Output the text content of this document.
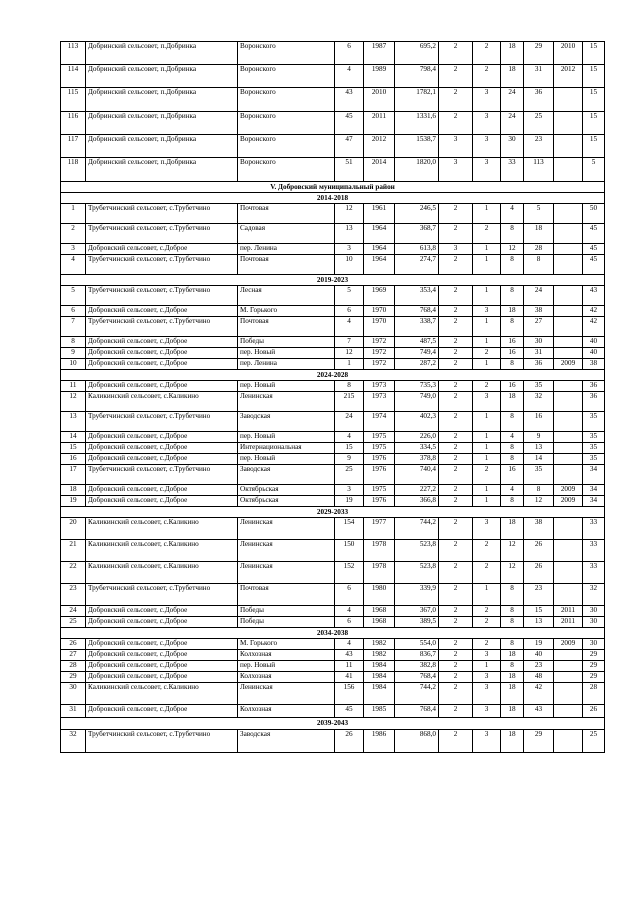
113	Добринский сельсовет, п.Добринка	Воронского	6	1987	695,2	2	2	18	29	2010	15
114	Добринский сельсовет, п.Добринка	Воронского	4	1989	798,4	2	2	18	31	2012	15
115	Добринский сельсовет, п.Добринка	Воронского	43	2010	1782,1	2	3	24	36		15
116	Добринский сельсовет, п.Добринка	Воронского	45	2011	1331,6	2	3	24	25		15
117	Добринский сельсовет, п.Добринка	Воронского	47	2012	1538,7	3	3	30	23		15
118	Добринский сельсовет, п.Добринка	Воронского	51	2014	1820,0	3	3	33	113		5
V. Добровский муниципальный район											
2014-2018											
1	Трубетчинский сельсовет, с.Трубетчино	Почтовая	12	1961	246,5	2	1	4	5		50
2	Трубетчинский сельсовет, с.Трубетчино	Садовая	13	1964	368,7	2	2	8	18		45
3	Добровский сельсовет, с.Доброе	пер. Ленина	3	1964	613,8	3	1	12	28		45
4	Трубетчинский сельсовет, с.Трубетчино	Почтовая	10	1964	274,7	2	1	8	8		45
2019-2023											
5	Трубетчинский сельсовет, с.Трубетчино	Лесная	5	1969	353,4	2	1	8	24		43
6	Добровский сельсовет, с.Доброе	М. Горького	6	1970	768,4	2	3	18	38		42
7	Трубетчинский сельсовет, с.Трубетчино	Почтовая	4	1970	338,7	2	1	8	27		42
8	Добровский сельсовет, с.Доброе	Победы	7	1972	487,5	2	1	16	30		40
9	Добровский сельсовет, с.Доброе	пер. Новый	12	1972	749,4	2	2	16	31		40
10	Добровский сельсовет, с.Доброе	пер. Ленина	1	1972	287,2	2	1	8	36	2009	38
2024-2028											
11	Добровский сельсовет, с.Доброе	пер. Новый	8	1973	735,3	2	2	16	35		36
12	Каликинский сельсовет, с.Каликино	Ленинская	215	1973	749,0	2	3	18	32		36
13	Трубетчинский сельсовет, с.Трубетчино	Заводская	24	1974	402,3	2	1	8	16		35
14	Добровский сельсовет, с.Доброе	пер. Новый	4	1975	226,0	2	1	4	9		35
15	Добровский сельсовет, с.Доброе	Интернациональная	15	1975	334,5	2	1	8	13		35
16	Добровский сельсовет, с.Доброе	пер. Новый	9	1976	378,8	2	1	8	14		35
17	Трубетчинский сельсовет, с.Трубетчино	Заводская	25	1976	740,4	2	2	16	35		34
18	Добровский сельсовет, с.Доброе	Октябрьская	3	1975	227,2	2	1	4	8	2009	34
19	Добровский сельсовет, с.Доброе	Октябрьская	19	1976	366,8	2	1	8	12	2009	34
2029-2033											
20	Каликинский сельсовет, с.Каликино	Ленинская	154	1977	744,2	2	3	18	38		33
21	Каликинский сельсовет, с.Каликино	Ленинская	150	1978	523,8	2	2	12	26		33
22	Каликинский сельсовет, с.Каликино	Ленинская	152	1978	523,8	2	2	12	26		33
23	Трубетчинский сельсовет, с.Трубетчино	Почтовая	6	1980	339,9	2	1	8	23		32
24	Добровский сельсовет, с.Доброе	Победы	4	1968	367,0	2	2	8	15	2011	30
25	Добровский сельсовет, с.Доброе	Победы	6	1968	389,5	2	2	8	13	2011	30
2034-2038											
26	Добровский сельсовет, с.Доброе	М. Горького	4	1982	554,0	2	2	8	19	2009	30
27	Добровский сельсовет, с.Доброе	Колхозная	43	1982	836,7	2	3	18	40		29
28	Добровский сельсовет, с.Доброе	пер. Новый	11	1984	382,8	2	1	8	23		29
29	Добровский сельсовет, с.Доброе	Колхозная	41	1984	768,4	2	3	18	48		29
30	Каликинский сельсовет, с.Каликино	Ленинская	156	1984	744,2	2	3	18	42		28
31	Добровский сельсовет, с.Доброе	Колхозная	45	1985	768,4	2	3	18	43		26
2039-2043											
32	Трубетчинский сельсовет, с.Трубетчино	Заводская	26	1986	868,0	2	3	18	29		25
